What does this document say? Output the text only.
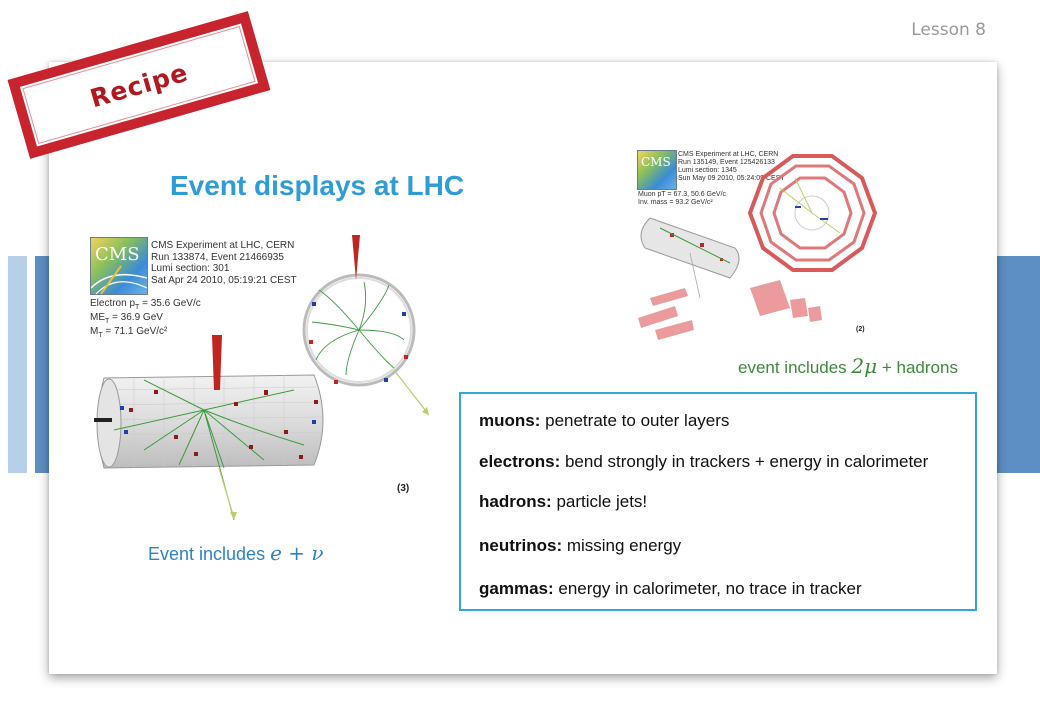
Lesson 8
Recipe
Event displays at LHC
CMS CMS Experiment at LHC, CERN
Run 133874, Event 21466935
Lumi section: 301
Sat Apr 24 2010, 05:19:21 CEST
Electron $p_T = 35.6$ GeV/c
$ME_T = 36.9$ GeV
$M_T = 71.1$ GeV/c²
(3)
Event includes e + ν
CMS
CMS Experiment at LHC, CERN
Run 135149, Event 125426133
Lumi section: 1345
Sun May 09 2010, 05:24:09 CEST
Muon pT = 67.3, 50.6 GeV/c
Inv. mass = 93.2 GeV/c²
(2)
event includes 2μ + hadrons
muons: penetrate to outer layers
electrons: bend strongly in trackers + energy in calorimeter
hadrons: particle jets!
neutrinos: missing energy
gammas: energy in calorimeter, no trace in tracker
